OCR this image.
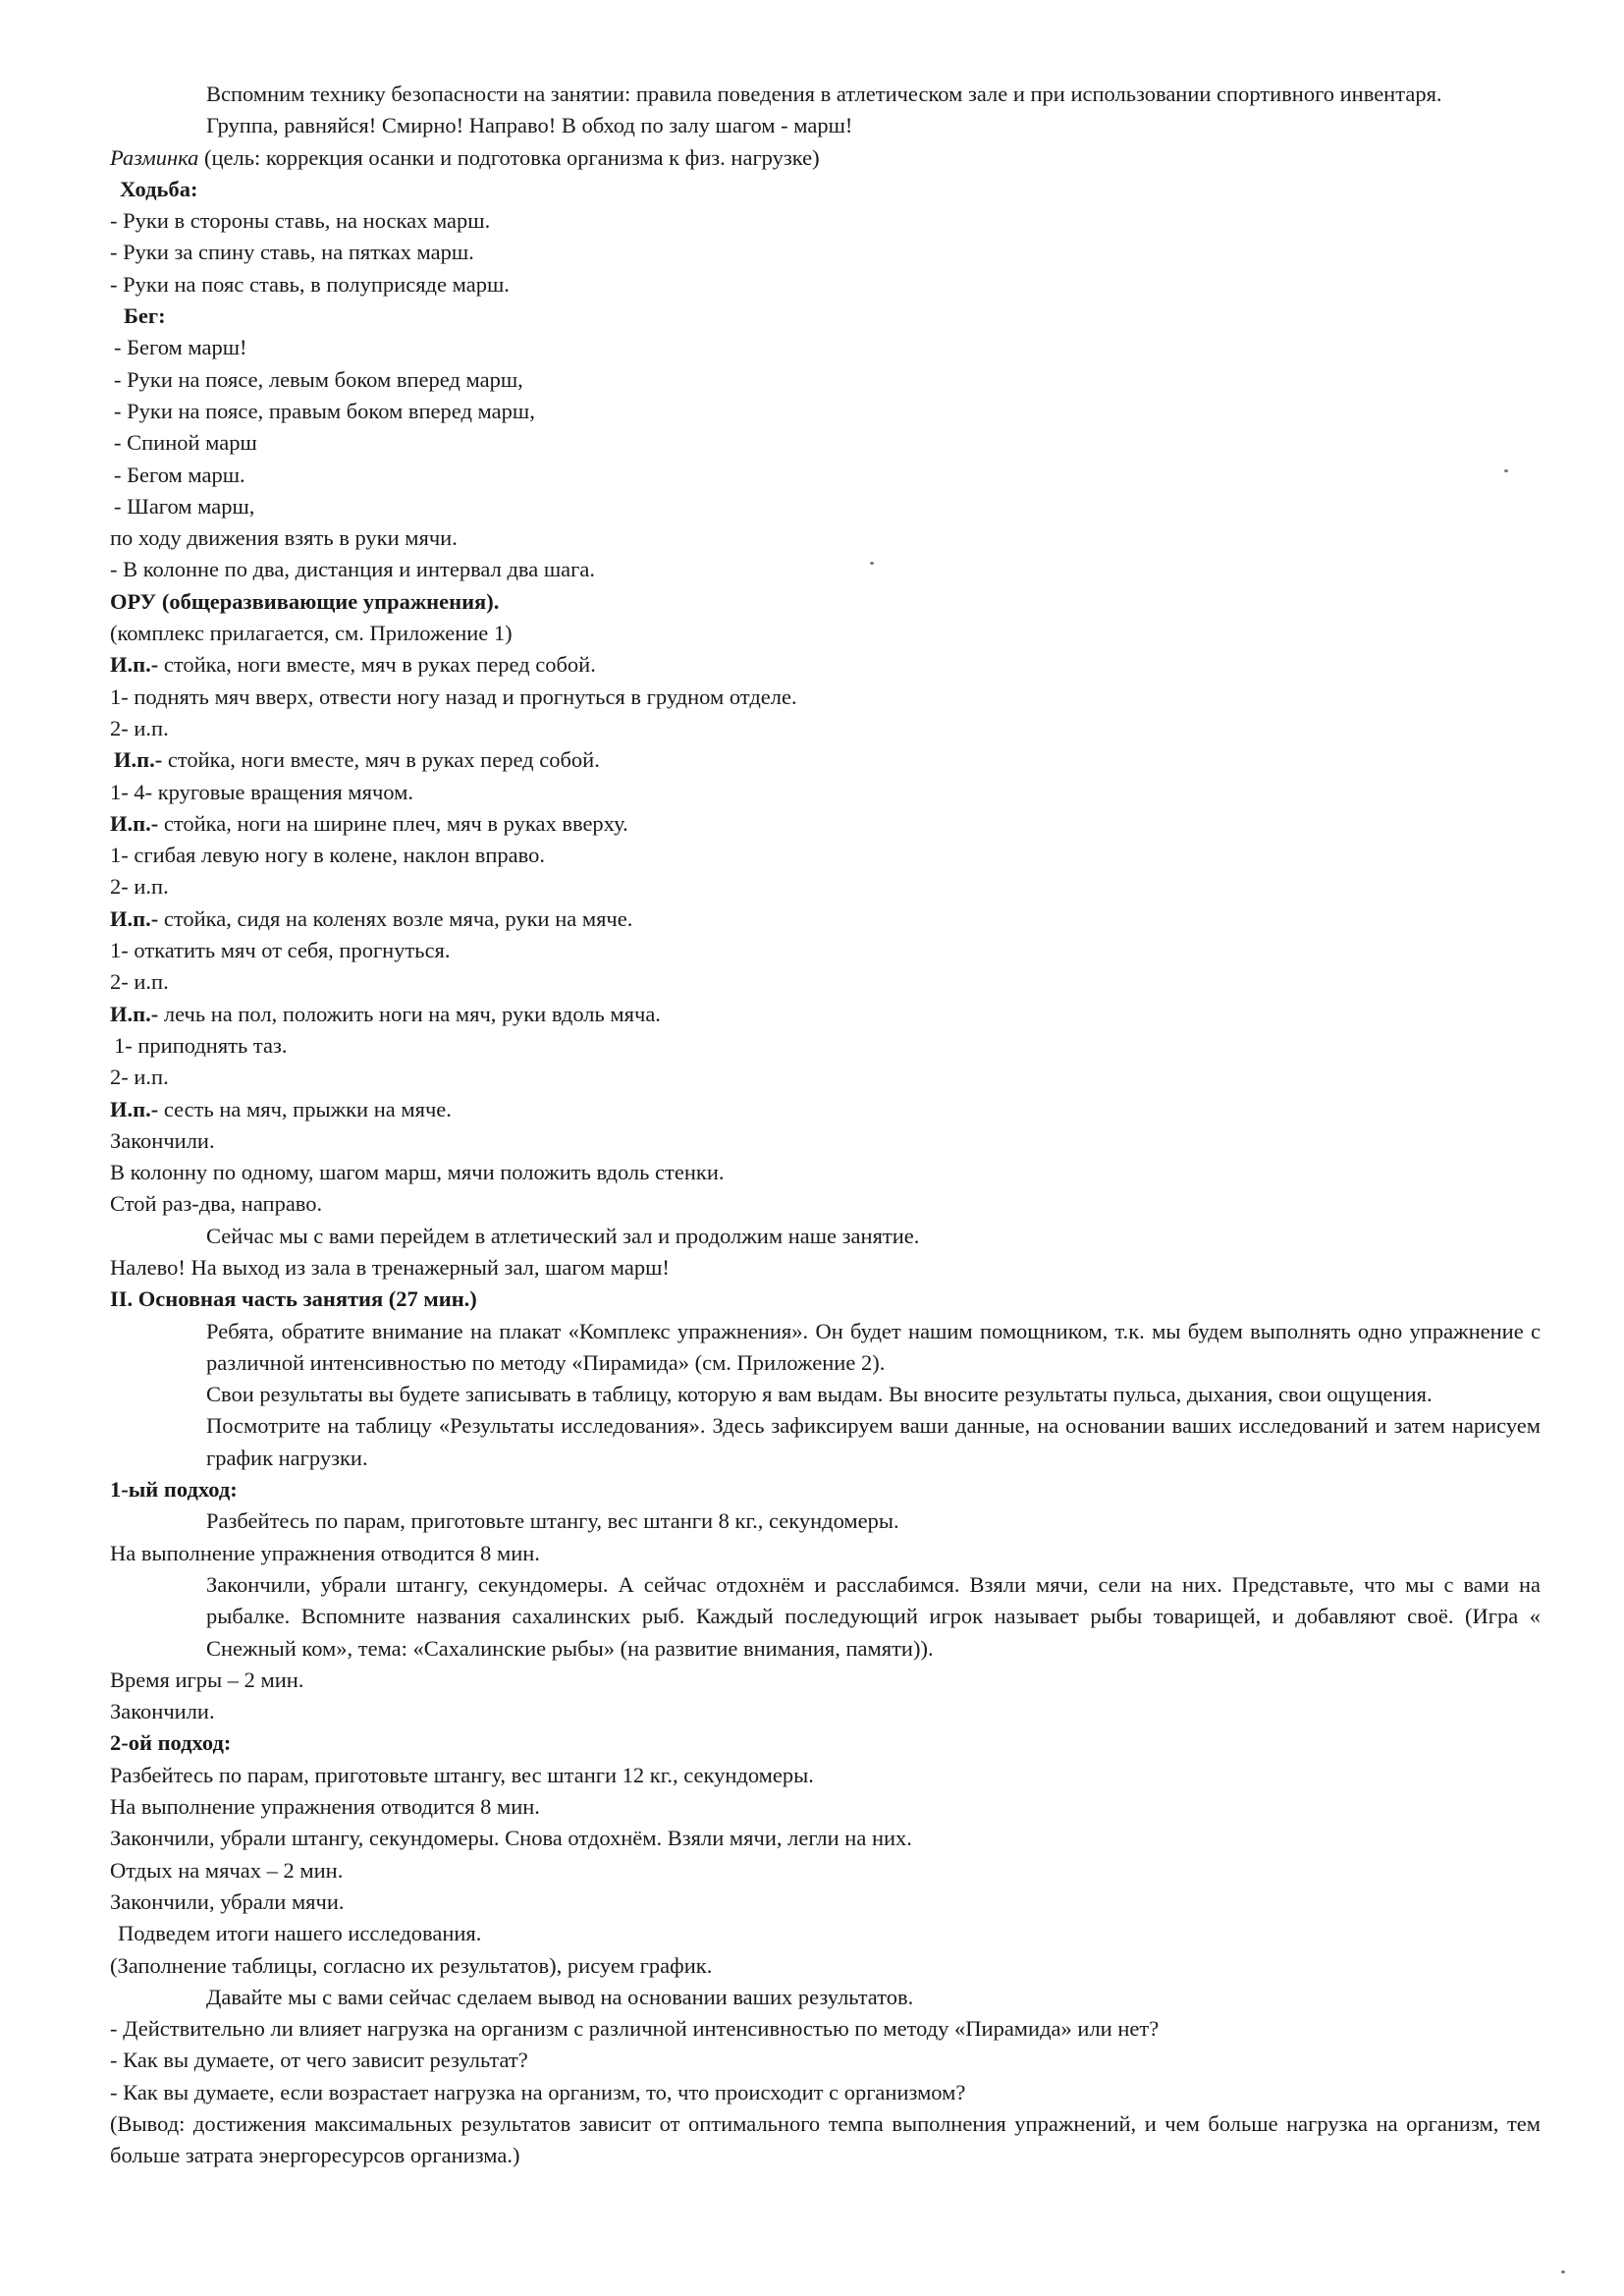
Вспомним технику безопасности на занятии: правила поведения в атлетическом зале и при использовании спортивного инвентаря.

Группа, равняйся! Смирно! Направо! В обход по залу шагом - марш!

Разминка (цель: коррекция осанки и подготовка организма к физ. нагрузке)

Ходьба:

- Руки в стороны ставь, на носках марш.

- Руки за спину ставь, на пятках марш.

- Руки на пояс ставь, в полуприсяде марш.

Бег:

- Бегом марш!

- Руки на поясе, левым боком вперед марш,

- Руки на поясе, правым боком вперед марш,

- Спиной марш

- Бегом марш.

- Шагом марш,

по ходу движения взять в руки мячи.

- В колонне по два, дистанция и интервал два шага.

ОРУ (общеразвивающие упражнения).

(комплекс прилагается, см. Приложение 1)

И.п.- стойка, ноги вместе, мяч в руках перед собой.

1- поднять мяч вверх, отвести ногу назад и прогнуться в грудном отделе.

2- и.п.

И.п.- стойка, ноги вместе, мяч в руках перед собой.

1- 4- круговые вращения мячом.

И.п.- стойка, ноги на ширине плеч, мяч в руках вверху.

1- сгибая левую ногу в колене, наклон вправо.

2- и.п.

И.п.- стойка, сидя на коленях возле мяча, руки на мяче.

1- откатить мяч от себя, прогнуться.

2- и.п.

И.п.- лечь на пол, положить ноги на мяч, руки вдоль мяча.

1- приподнять таз.

2- и.п.

И.п.- сесть на мяч, прыжки на мяче.

Закончили.

В колонну по одному, шагом марш, мячи положить вдоль стенки.

Стой раз-два, направо.

Сейчас мы с вами перейдем в атлетический зал и продолжим наше занятие.

Налево! На выход из зала в тренажерный зал, шагом марш!

II. Основная часть занятия (27 мин.)

Ребята, обратите внимание на плакат «Комплекс упражнения». Он будет нашим помощником, т.к. мы будем выполнять одно упражнение с различной интенсивностью по методу «Пирамида» (см. Приложение 2).

Свои результаты вы будете записывать в таблицу, которую я вам выдам. Вы вносите результаты пульса, дыхания, свои ощущения.

Посмотрите на таблицу «Результаты исследования». Здесь зафиксируем ваши данные, на основании ваших исследований и затем нарисуем график нагрузки.

1-ый подход:

Разбейтесь по парам, приготовьте штангу, вес штанги 8 кг., секундомеры.

На выполнение упражнения отводится 8 мин.

Закончили, убрали штангу, секундомеры. А сейчас отдохнём и расслабимся. Взяли мячи, сели на них. Представьте, что мы с вами на рыбалке. Вспомните названия сахалинских рыб. Каждый последующий игрок называет рыбы товарищей, и добавляют своё. (Игра « Снежный ком», тема: «Сахалинские рыбы» (на развитие внимания, памяти)).

Время игры – 2 мин.

Закончили.

2-ой подход:

Разбейтесь по парам, приготовьте штангу, вес штанги 12 кг., секундомеры.

На выполнение упражнения отводится 8 мин.

Закончили, убрали штангу, секундомеры. Снова отдохнём. Взяли мячи, легли на них.

Отдых на мячах – 2 мин.

Закончили, убрали мячи.

Подведем итоги нашего исследования.

(Заполнение таблицы, согласно их результатов), рисуем график.

Давайте мы с вами сейчас сделаем вывод на основании ваших результатов.

- Действительно ли влияет нагрузка на организм с различной интенсивностью по методу «Пирамида» или нет?

- Как вы думаете, от чего зависит результат?

- Как вы думаете, если возрастает нагрузка на организм, то, что происходит с организмом?

(Вывод: достижения максимальных результатов зависит от оптимального темпа выполнения упражнений, и чем больше нагрузка на организм, тем больше затрата энергоресурсов организма.)
